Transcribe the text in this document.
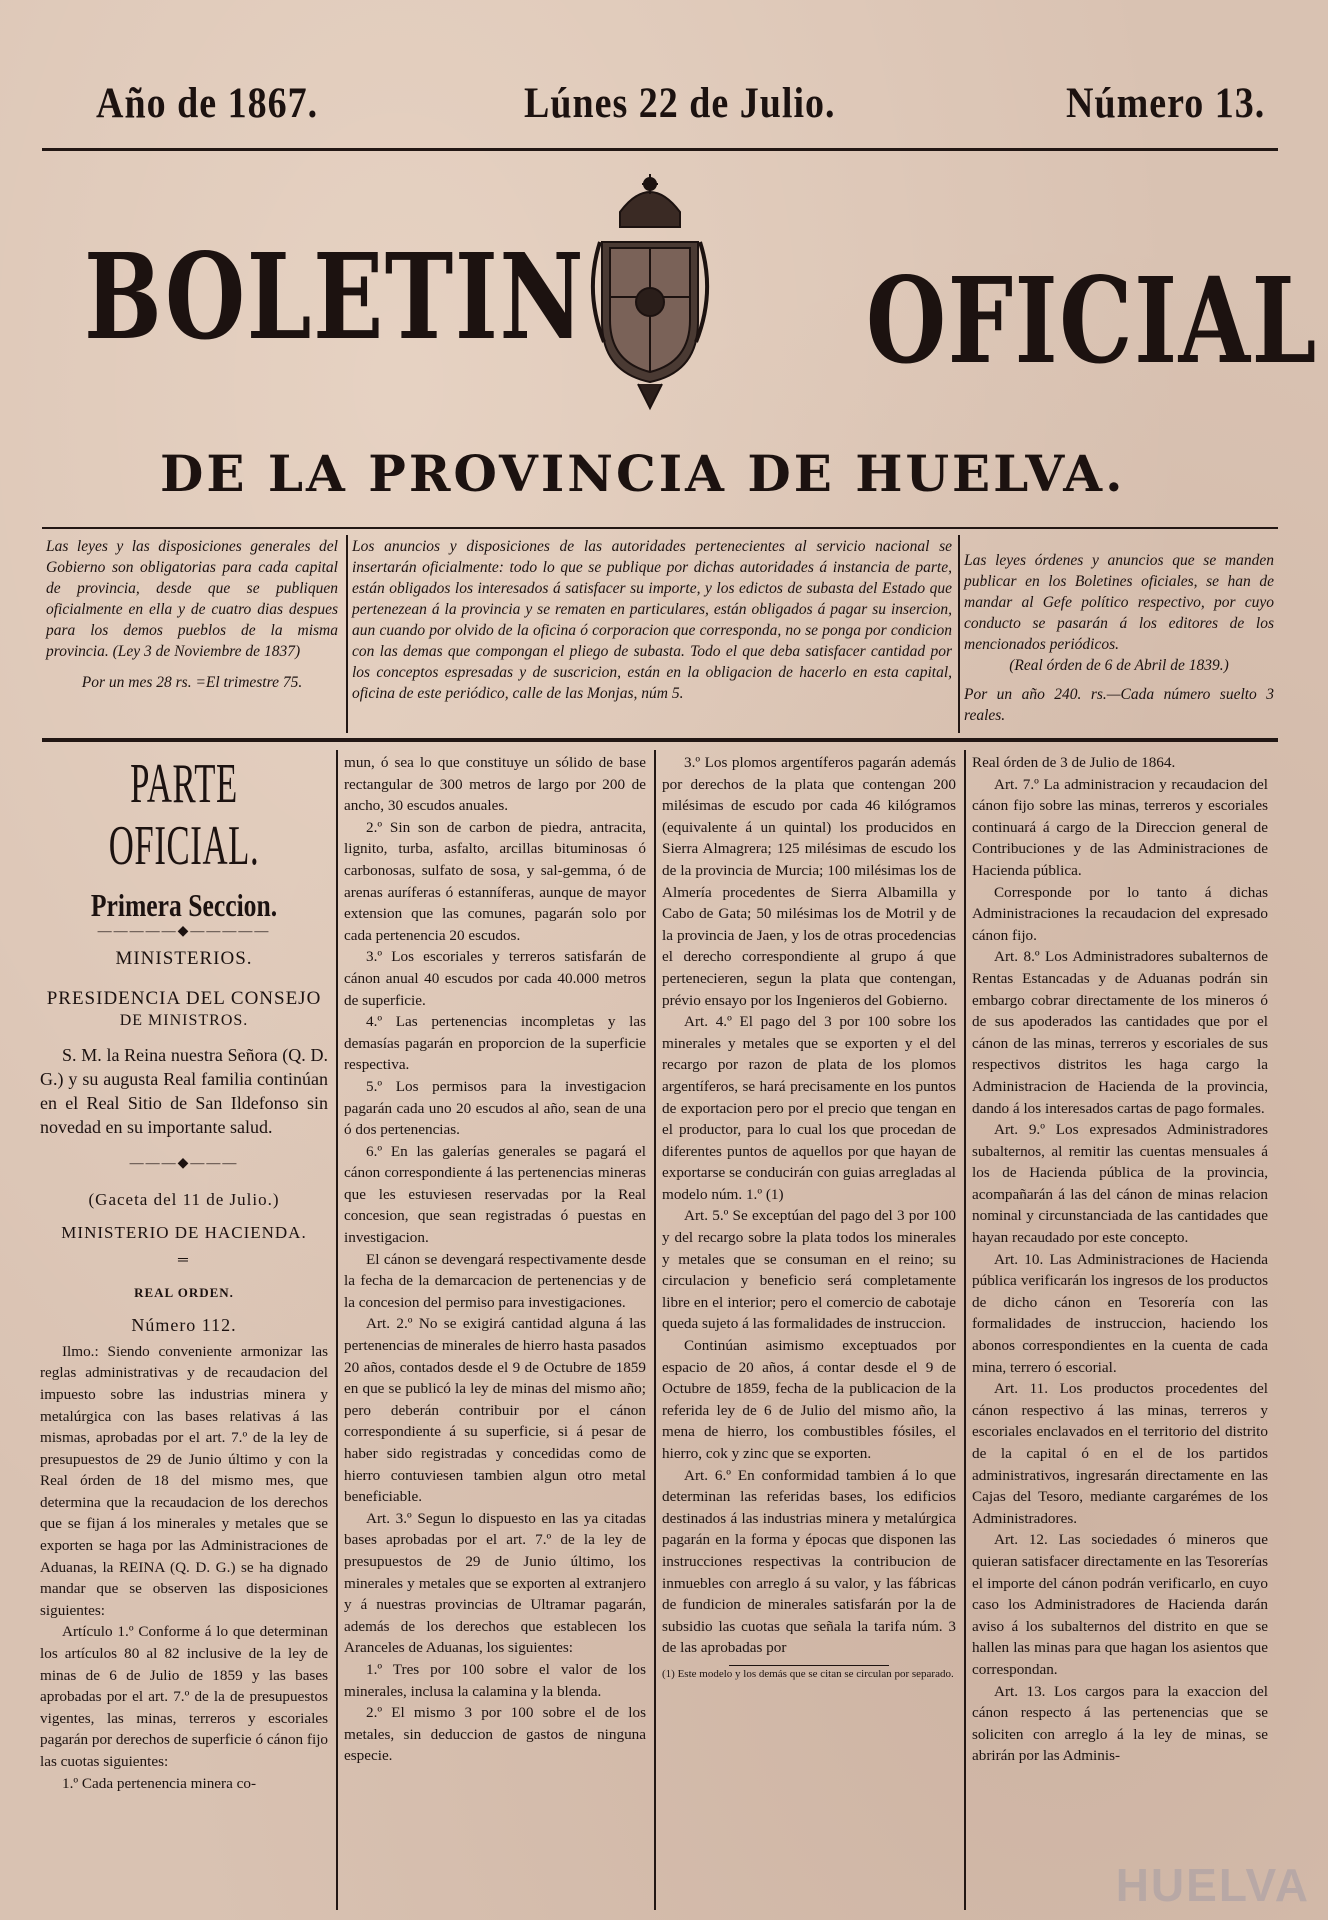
Año de 1867.	Lúnes 22 de Julio.	Número 13.
BOLETIN OFICIAL
DE LA PROVINCIA DE HUELVA.

Las leyes y las disposiciones generales del Gobierno son obligatorias para cada capital de provincia, desde que se publiquen oficialmente en ella y de cuatro dias despues para los demos pueblos de la misma provincia. (Ley 3 de Noviembre de 1837)

Por un mes 28 rs. =El trimestre 75.

Los anuncios y disposiciones de las autoridades pertenecientes al servicio nacional se insertarán oficialmente: todo lo que se publique por dichas autoridades á instancia de parte, están obligados los interesados á satisfacer su importe, y los edictos de subasta del Estado que pertenezean á la provincia y se rematen en particulares, están obligados á pagar su insercion, aun cuando por olvido de la oficina ó corporacion que corresponda, no se ponga por condicion con las demas que compongan el pliego de subasta. Todo el que deba satisfacer cantidad por los conceptos espresadas y de suscricion, están en la obligacion de hacerlo en esta capital, oficina de este periódico, calle de las Monjas, núm 5.

Las leyes órdenes y anuncios que se manden publicar en los Boletines oficiales, se han de mandar al Gefe político respectivo, por cuyo conducto se pasarán á los editores de los mencionados periódicos.

(Real órden de 6 de Abril de 1839.)

Por un año 240. rs.—Cada número suelto 3 reales.

PARTE OFICIAL.
Primera Seccion.
—————◆—————
MINISTERIOS.
PRESIDENCIA DEL CONSEJO
DE MINISTROS.

S. M. la Reina nuestra Señora (Q. D. G.) y su augusta Real familia continúan en el Real Sitio de San Ildefonso sin novedad en su importante salud.

———◆———
(Gaceta del 11 de Julio.)
MINISTERIO DE HACIENDA.
═
REAL ORDEN.
Número 112.

Ilmo.: Siendo conveniente armonizar las reglas administrativas y de recaudacion del impuesto sobre las industrias minera y metalúrgica con las bases relativas á las mismas, aprobadas por el art. 7.º de la ley de presupuestos de 29 de Junio último y con la Real órden de 18 del mismo mes, que determina que la recaudacion de los derechos que se fijan á los minerales y metales que se exporten se haga por las Administraciones de Aduanas, la REINA (Q. D. G.) se ha dignado mandar que se observen las disposiciones siguientes:

Artículo 1.º Conforme á lo que determinan los artículos 80 al 82 inclusive de la ley de minas de 6 de Julio de 1859 y las bases aprobadas por el art. 7.º de la de presupuestos vigentes, las minas, terreros y escoriales pagarán por derechos de superficie ó cánon fijo las cuotas siguientes:

1.º Cada pertenencia minera co-

mun, ó sea lo que constituye un sólido de base rectangular de 300 metros de largo por 200 de ancho, 30 escudos anuales.

2.º Sin son de carbon de piedra, antracita, lignito, turba, asfalto, arcillas bituminosas ó carbonosas, sulfato de sosa, y sal-gemma, ó de arenas auríferas ó estanníferas, aunque de mayor extension que las comunes, pagarán solo por cada pertenencia 20 escudos.

3.º Los escoriales y terreros satisfarán de cánon anual 40 escudos por cada 40.000 metros de superficie.

4.º Las pertenencias incompletas y las demasías pagarán en proporcion de la superficie respectiva.

5.º Los permisos para la investigacion pagarán cada uno 20 escudos al año, sean de una ó dos pertenencias.

6.º En las galerías generales se pagará el cánon correspondiente á las pertenencias mineras que les estuviesen reservadas por la Real concesion, que sean registradas ó puestas en investigacion.

El cánon se devengará respectivamente desde la fecha de la demarcacion de pertenencias y de la concesion del permiso para investigaciones.

Art. 2.º No se exigirá cantidad alguna á las pertenencias de minerales de hierro hasta pasados 20 años, contados desde el 9 de Octubre de 1859 en que se publicó la ley de minas del mismo año; pero deberán contribuir por el cánon correspondiente á su superficie, si á pesar de haber sido registradas y concedidas como de hierro contuviesen tambien algun otro metal beneficiable.

Art. 3.º Segun lo dispuesto en las ya citadas bases aprobadas por el art. 7.º de la ley de presupuestos de 29 de Junio último, los minerales y metales que se exporten al extranjero y á nuestras provincias de Ultramar pagarán, además de los derechos que establecen los Aranceles de Aduanas, los siguientes:

1.º Tres por 100 sobre el valor de los minerales, inclusa la calamina y la blenda.

2.º El mismo 3 por 100 sobre el de los metales, sin deduccion de gastos de ninguna especie.

3.º Los plomos argentíferos pagarán además por derechos de la plata que contengan 200 milésimas de escudo por cada 46 kilógramos (equivalente á un quintal) los producidos en Sierra Almagrera; 125 milésimas de escudo los de la provincia de Murcia; 100 milésimas los de Almería procedentes de Sierra Albamilla y Cabo de Gata; 50 milésimas los de Motril y de la provincia de Jaen, y los de otras procedencias el derecho correspondiente al grupo á que pertenecieren, segun la plata que contengan, prévio ensayo por los Ingenieros del Gobierno.

Art. 4.º El pago del 3 por 100 sobre los minerales y metales que se exporten y el del recargo por razon de plata de los plomos argentíferos, se hará precisamente en los puntos de exportacion pero por el precio que tengan en el productor, para lo cual los que procedan de diferentes puntos de aquellos por que hayan de exportarse se conducirán con guias arregladas al modelo núm. 1.º (1)

Art. 5.º Se exceptúan del pago del 3 por 100 y del recargo sobre la plata todos los minerales y metales que se consuman en el reino; su circulacion y beneficio será completamente libre en el interior; pero el comercio de cabotaje queda sujeto á las formalidades de instruccion.

Continúan asimismo exceptuados por espacio de 20 años, á contar desde el 9 de Octubre de 1859, fecha de la publicacion de la referida ley de 6 de Julio del mismo año, la mena de hierro, los combustibles fósiles, el hierro, cok y zinc que se exporten.

Art. 6.º En conformidad tambien á lo que determinan las referidas bases, los edificios destinados á las industrias minera y metalúrgica pagarán en la forma y épocas que disponen las instrucciones respectivas la contribucion de inmuebles con arreglo á su valor, y las fábricas de fundicion de minerales satisfarán por la de subsidio las cuotas que señala la tarifa núm. 3 de las aprobadas por

(1) Este modelo y los demás que se citan se circulan por separado.

Real órden de 3 de Julio de 1864.

Art. 7.º La administracion y recaudacion del cánon fijo sobre las minas, terreros y escoriales continuará á cargo de la Direccion general de Contribuciones y de las Administraciones de Hacienda pública.

Corresponde por lo tanto á dichas Administraciones la recaudacion del expresado cánon fijo.

Art. 8.º Los Administradores subalternos de Rentas Estancadas y de Aduanas podrán sin embargo cobrar directamente de los mineros ó de sus apoderados las cantidades que por el cánon de las minas, terreros y escoriales de sus respectivos distritos les haga cargo la Administracion de Hacienda de la provincia, dando á los interesados cartas de pago formales.

Art. 9.º Los expresados Administradores subalternos, al remitir las cuentas mensuales á los de Hacienda pública de la provincia, acompañarán á las del cánon de minas relacion nominal y circunstanciada de las cantidades que hayan recaudado por este concepto.

Art. 10. Las Administraciones de Hacienda pública verificarán los ingresos de los productos de dicho cánon en Tesorería con las formalidades de instruccion, haciendo los abonos correspondientes en la cuenta de cada mina, terrero ó escorial.

Art. 11. Los productos procedentes del cánon respectivo á las minas, terreros y escoriales enclavados en el territorio del distrito de la capital ó en el de los partidos administrativos, ingresarán directamente en las Cajas del Tesoro, mediante cargarémes de los Administradores.

Art. 12. Las sociedades ó mineros que quieran satisfacer directamente en las Tesorerías el importe del cánon podrán verificarlo, en cuyo caso los Administradores de Hacienda darán aviso á los subalternos del distrito en que se hallen las minas para que hagan los asientos que correspondan.

Art. 13. Los cargos para la exaccion del cánon respecto á las pertenencias que se soliciten con arreglo á la ley de minas, se abrirán por las Adminis-

HUELVA
